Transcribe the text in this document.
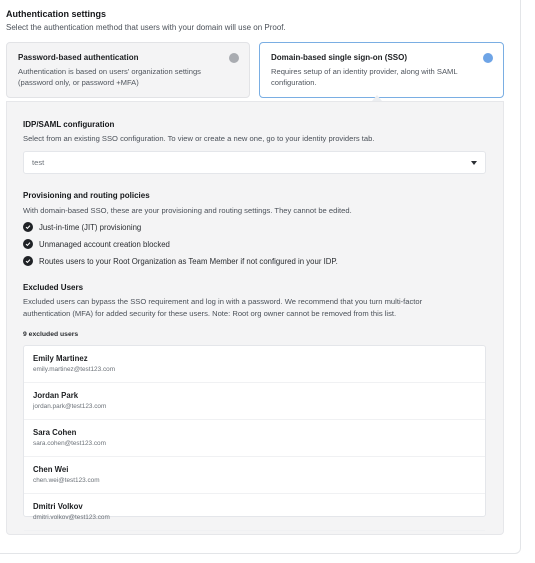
Authentication settings
Select the authentication method that users with your domain will use on Proof.
Password-based authentication
Authentication is based on users' organization settings
(password only, or password +MFA)
Domain-based single sign-on (SSO)
Requires setup of an identity provider, along with SAML
configuration.
IDP/SAML configuration
Select from an existing SSO configuration. To view or create a new one, go to your identity providers tab.
test
Provisioning and routing policies
With domain-based SSO, these are your provisioning and routing settings. They cannot be edited.
Just-in-time (JIT) provisioning
Unmanaged account creation blocked
Routes users to your Root Organization as Team Member if not configured in your IDP.
Excluded Users
Excluded users can bypass the SSO requirement and log in with a password. We recommend that you turn multi-factor
authentication (MFA) for added security for these users. Note: Root org owner cannot be removed from this list.
9 excluded users
Emily Martinez
emily.martinez@test123.com
Jordan Park
jordan.park@test123.com
Sara Cohen
sara.cohen@test123.com
Chen Wei
chen.wei@test123.com
Dmitri Volkov
dmitri.volkov@test123.com
